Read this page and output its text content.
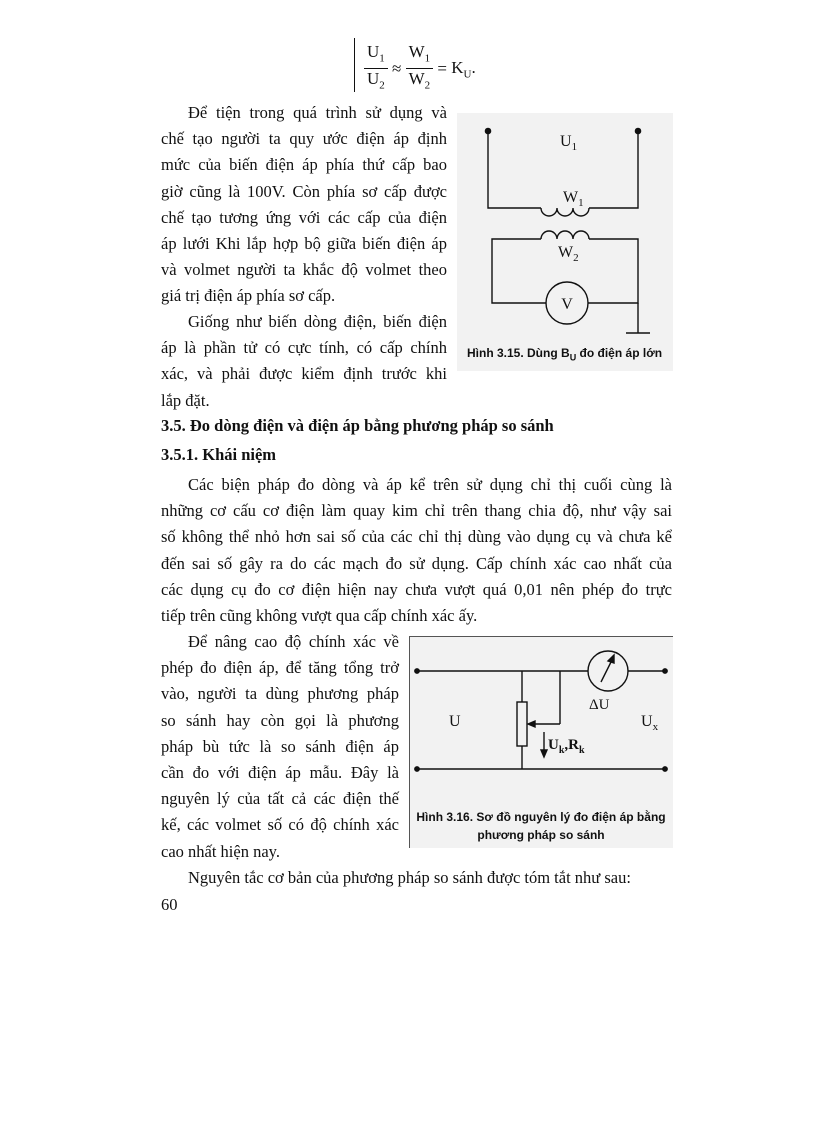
$\frac{U_1}{U_2} \approx \frac{W_1}{W_2} = K_U$.
Để tiện trong quá trình sử dụng và
chế tạo người ta quy ước điện áp định
mức của biến điện áp phía thứ cấp bao
giờ cũng là 100V. Còn phía sơ cấp được
chế tạo tương ứng với các cấp của điện
áp lưới Khi lắp hợp bộ giữa biến điện áp
và volmet người ta khắc độ volmet theo
giá trị điện áp phía sơ cấp.
Giống như biến dòng điện, biến điện
áp là phần tử có cực tính, có cấp chính
xác, và phải được kiểm định trước khi
lắp đặt.
$U_1$
$W_1$
$W_2$
V
Hình 3.15. Dùng $B_U$ đo điện áp lớn
3.5. Đo dòng điện và điện áp bằng phương pháp so sánh
3.5.1. Khái niệm
Các biện pháp đo dòng và áp kể trên sử dụng chỉ thị cuối cùng là
những cơ cấu cơ điện làm quay kim chỉ trên thang chia độ, như vậy sai
số không thể nhỏ hơn sai số của các chỉ thị dùng vào dụng cụ và chưa kể
đến sai số gây ra do các mạch đo sử dụng. Cấp chính xác cao nhất của
các dụng cụ đo cơ điện hiện nay chưa vượt quá 0,01 nên phép đo trực
tiếp trên cũng không vượt qua cấp chính xác ấy.
Để nâng cao độ chính xác về
phép đo điện áp, để tăng tổng trở
vào, người ta dùng phương pháp
so sánh hay còn gọi là phương
pháp bù tức là so sánh điện áp
cần đo với điện áp mẫu. Đây là
nguyên lý của tất cả các điện thế
kế, các volmet số có độ chính xác
cao nhất hiện nay.
U	$U_x$
ΔU
$U_k,R_k$
Hình 3.16. Sơ đồ nguyên lý đo điện áp bằng
phương pháp so sánh
Nguyên tắc cơ bản của phương pháp so sánh được tóm tắt như sau:
60
